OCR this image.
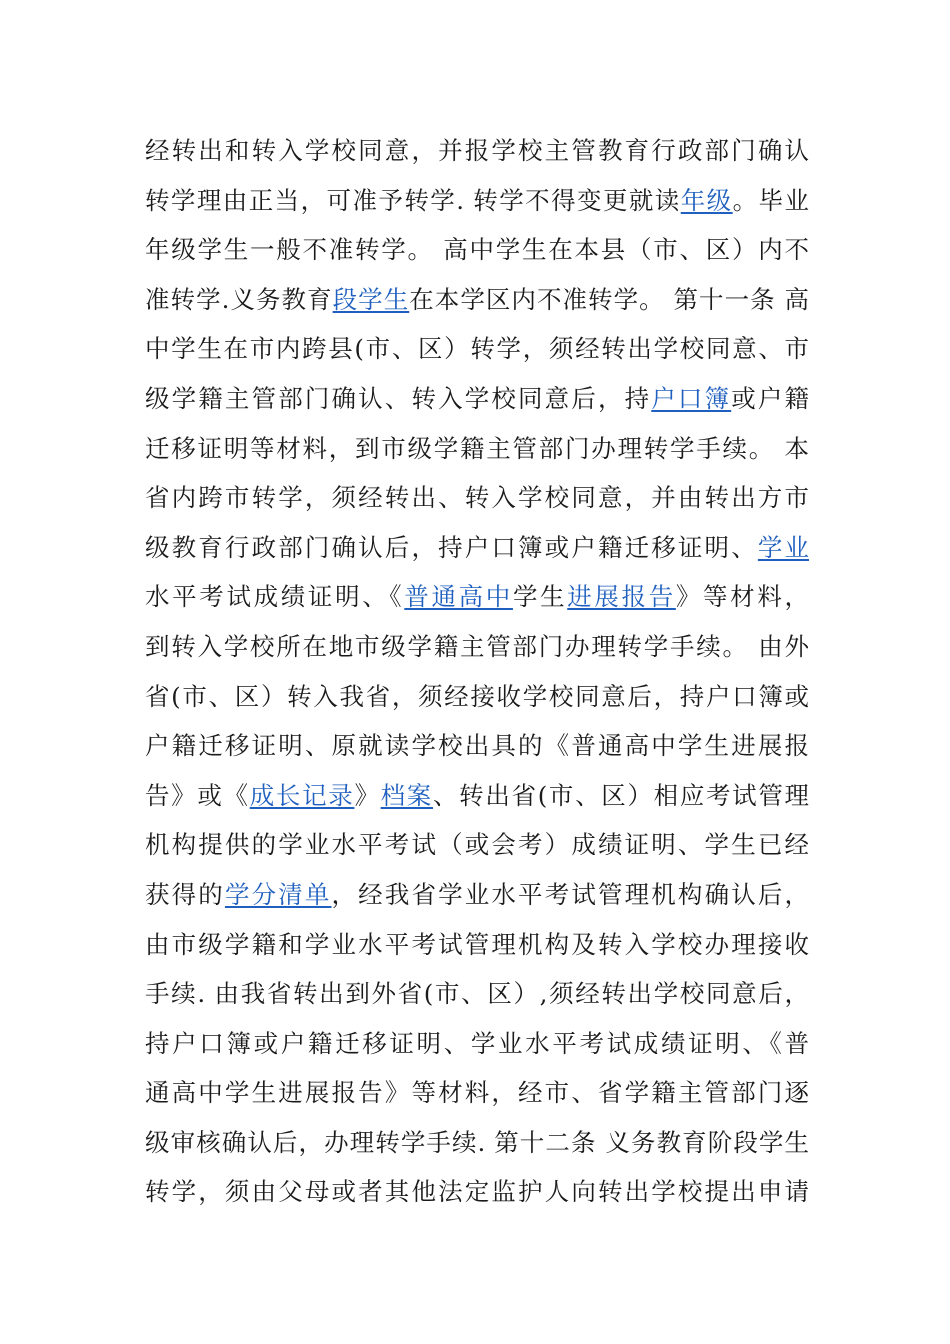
经转出和转入学校同意，并报学校主管教育行政部门确认
转学理由正当，可准予转学. 转学不得变更就读年级。毕业
年级学生一般不准转学。 高中学生在本县（市、区）内不
准转学.义务教育段学生在本学区内不准转学。 第十一条 高
中学生在市内跨县(市、区）转学，须经转出学校同意、市
级学籍主管部门确认、转入学校同意后，持户口簿或户籍
迁移证明等材料，到市级学籍主管部门办理转学手续。 本
省内跨市转学，须经转出、转入学校同意，并由转出方市
级教育行政部门确认后，持户口簿或户籍迁移证明、学业
水平考试成绩证明、《普通高中学生进展报告》等材料，
到转入学校所在地市级学籍主管部门办理转学手续。 由外
省(市、区）转入我省，须经接收学校同意后，持户口簿或
户籍迁移证明、原就读学校出具的《普通高中学生进展报
告》或《成长记录》档案、转出省(市、区）相应考试管理
机构提供的学业水平考试（或会考）成绩证明、学生已经
获得的学分清单，经我省学业水平考试管理机构确认后，
由市级学籍和学业水平考试管理机构及转入学校办理接收
手续. 由我省转出到外省(市、区）,须经转出学校同意后，
持户口簿或户籍迁移证明、学业水平考试成绩证明、《普
通高中学生进展报告》等材料，经市、省学籍主管部门逐
级审核确认后，办理转学手续. 第十二条 义务教育阶段学生
转学，须由父母或者其他法定监护人向转出学校提出申请
